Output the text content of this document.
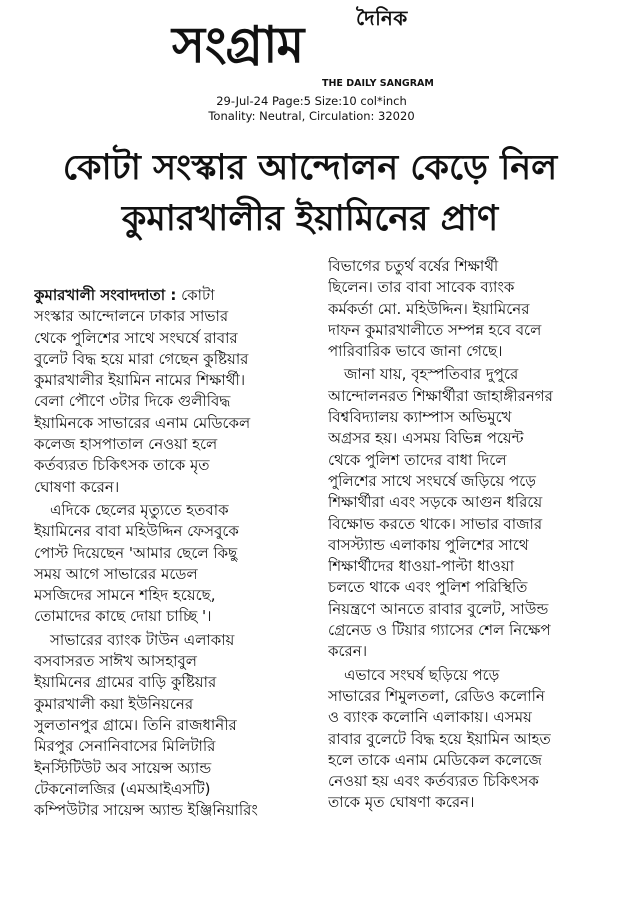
দৈনিক
সংগ্রাম
THE DAILY SANGRAM
29-Jul-24 Page:5 Size:10 col*inch
Tonality: Neutral, Circulation: 32020
কোটা সংস্কার আন্দোলন কেড়ে নিল
কুমারখালীর ইয়ামিনের প্রাণ
কুমারখালী সংবাদদাতা : কোটা
সংস্কার আন্দোলনে ঢাকার সাভার
থেকে পুলিশের সাথে সংঘর্ষে রাবার
বুলেট বিদ্ধ হয়ে মারা গেছেন কুষ্টিয়ার
কুমারখালীর ইয়ামিন নামের শিক্ষার্থী।
বেলা পৌণে ৩টার দিকে গুলীবিদ্ধ
ইয়ামিনকে সাভারের এনাম মেডিকেল
কলেজ হাসপাতাল নেওয়া হলে
কর্তব্যরত চিকিৎসক তাকে মৃত
ঘোষণা করেন।
এদিকে ছেলের মৃত্যুতে হতবাক
ইয়ামিনের বাবা মহিউদ্দিন ফেসবুকে
পোস্ট দিয়েছেন 'আমার ছেলে কিছু
সময় আগে সাভারের মডেল
মসজিদের সামনে শহিদ হয়েছে,
তোমাদের কাছে দোয়া চাচ্ছি '।
সাভারের ব্যাংক টাউন এলাকায়
বসবাসরত সাঈখ আসহাবুল
ইয়ামিনের গ্রামের বাড়ি কুষ্টিয়ার
কুমারখালী কয়া ইউনিয়নের
সুলতানপুর গ্রামে। তিনি রাজধানীর
মিরপুর সেনানিবাসের মিলিটারি
ইনস্টিটিউট অব সায়েন্স অ্যান্ড
টেকনোলজির (এমআইএসটি)
কম্পিউটার সায়েন্স অ্যান্ড ইঞ্জিনিয়ারিং
বিভাগের চতুর্থ বর্ষের শিক্ষার্থী
ছিলেন। তার বাবা সাবেক ব্যাংক
কর্মকর্তা মো. মহিউদ্দিন। ইয়ামিনের
দাফন কুমারখালীতে সম্পন্ন হবে বলে
পারিবারিক ভাবে জানা গেছে।
জানা যায়, বৃহস্পতিবার দুপুরে
আন্দোলনরত শিক্ষার্থীরা জাহাঙ্গীরনগর
বিশ্ববিদ্যালয় ক্যাম্পাস অভিমুখে
অগ্রসর হয়। এসময় বিভিন্ন পয়েন্ট
থেকে পুলিশ তাদের বাধা দিলে
পুলিশের সাথে সংঘর্ষে জড়িয়ে পড়ে
শিক্ষার্থীরা এবং সড়কে আগুন ধরিয়ে
বিক্ষোভ করতে থাকে। সাভার বাজার
বাসস্ট্যান্ড এলাকায় পুলিশের সাথে
শিক্ষার্থীদের ধাওয়া-পাল্টা ধাওয়া
চলতে থাকে এবং পুলিশ পরিস্থিতি
নিয়ন্ত্রণে আনতে রাবার বুলেট, সাউন্ড
গ্রেনেড ও টিয়ার গ্যাসের শেল নিক্ষেপ
করেন।
এভাবে সংঘর্ষ ছড়িয়ে পড়ে
সাভারের শিমুলতলা, রেডিও কলোনি
ও ব্যাংক কলোনি এলাকায়। এসময়
রাবার বুলেটে বিদ্ধ হয়ে ইয়ামিন আহত
হলে তাকে এনাম মেডিকেল কলেজে
নেওয়া হয় এবং কর্তব্যরত চিকিৎসক
তাকে মৃত ঘোষণা করেন।
